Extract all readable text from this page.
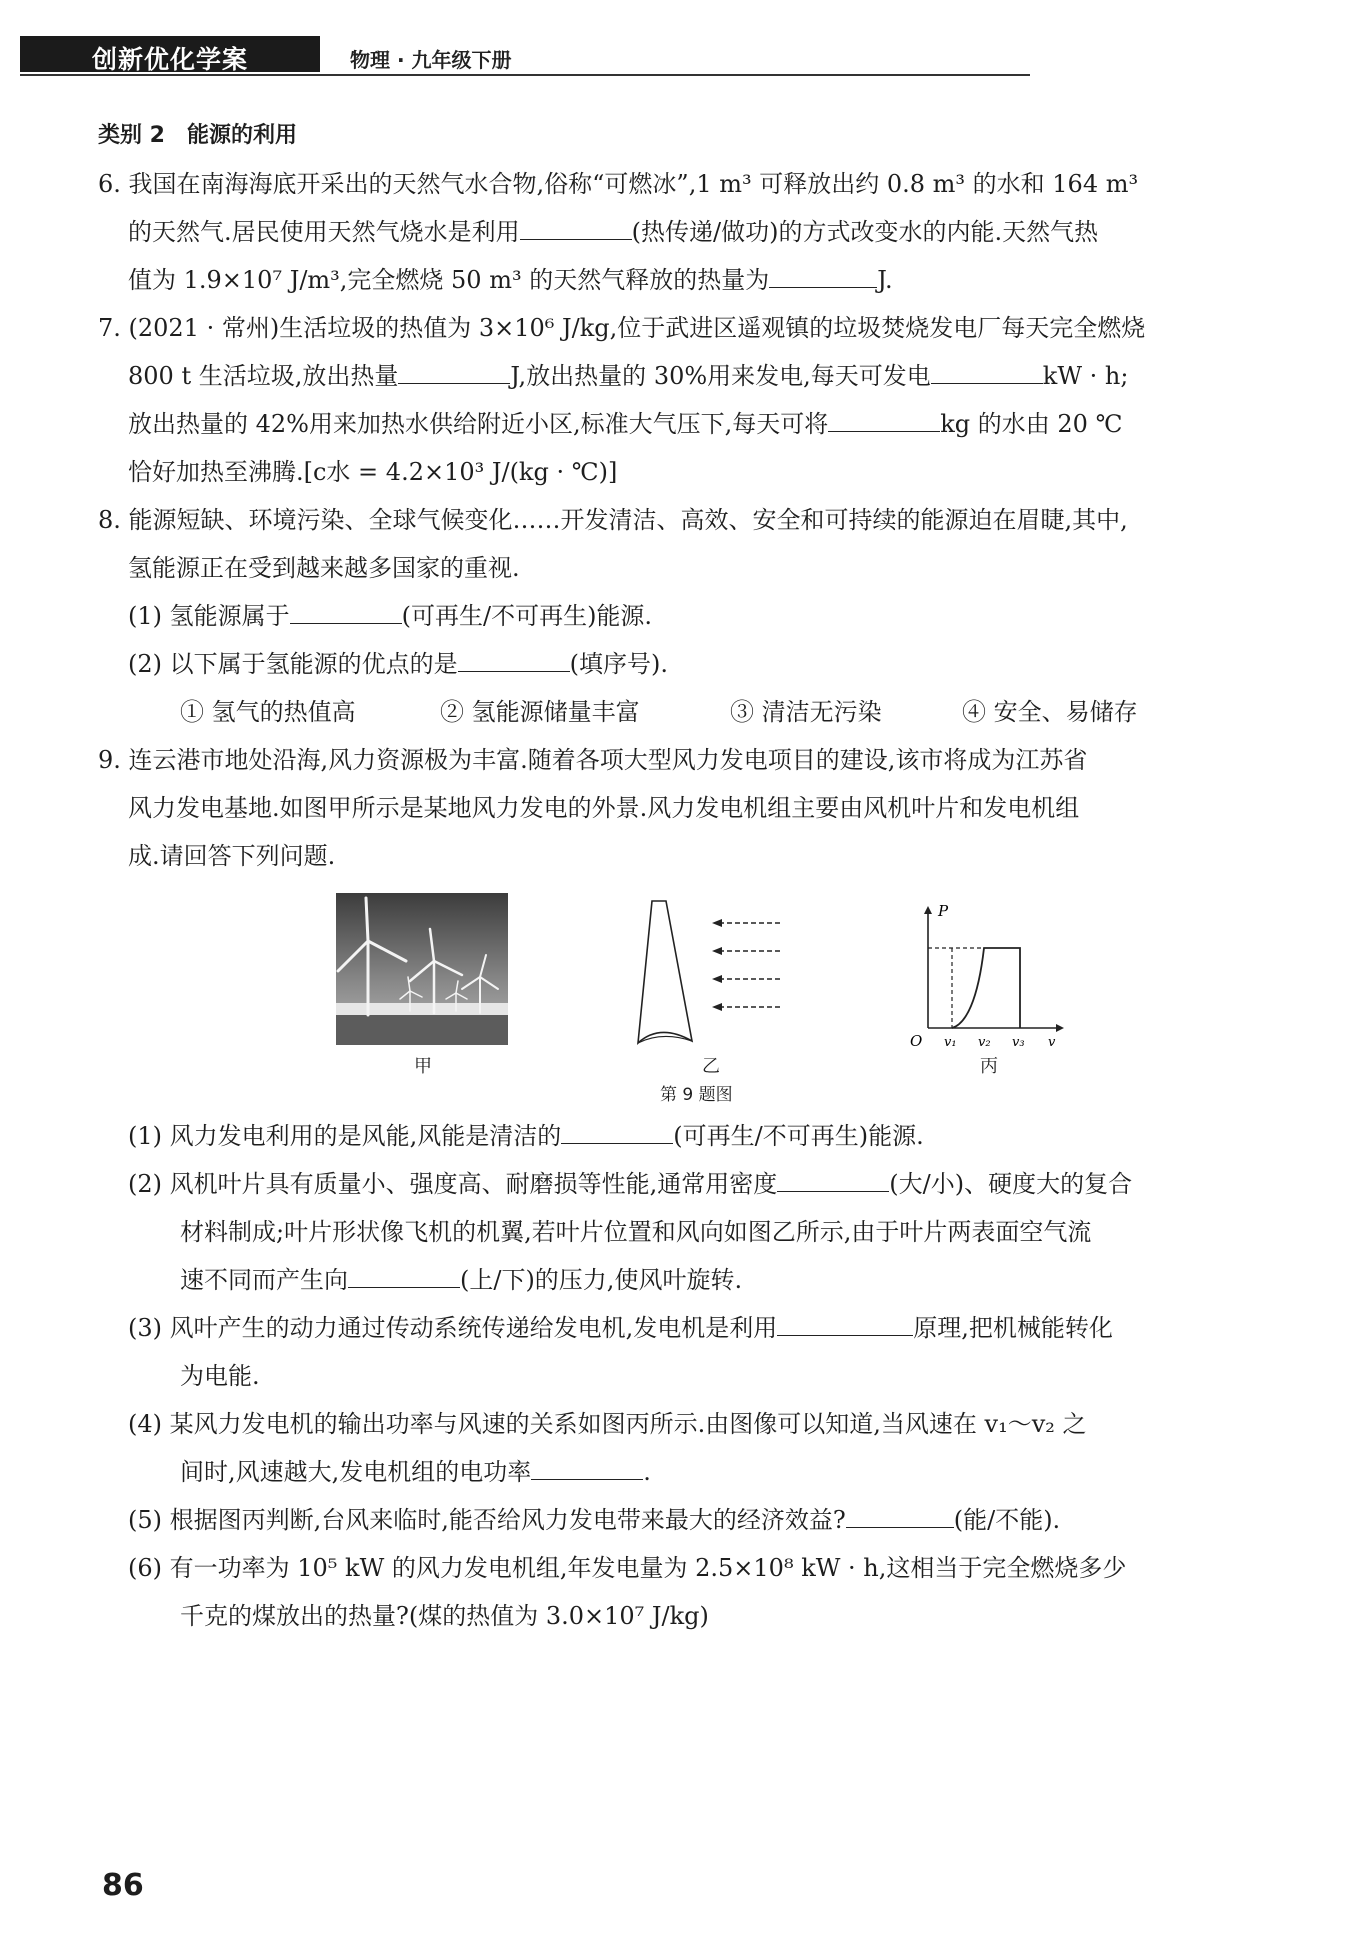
创新优化学案	物理 · 九年级下册
类别 2　能源的利用
6. 我国在南海海底开采出的天然气水合物,俗称“可燃冰”,1 m³ 可释放出约 0.8 m³ 的水和 164 m³
的天然气.居民使用天然气烧水是利用	(热传递/做功)的方式改变水的内能.天然气热
值为 1.9×10⁷ J/m³,完全燃烧 50 m³ 的天然气释放的热量为	J.
7. (2021 · 常州)生活垃圾的热值为 3×10⁶ J/kg,位于武进区遥观镇的垃圾焚烧发电厂每天完全燃烧
800 t 生活垃圾,放出热量	J,放出热量的 30%用来发电,每天可发电	kW · h;
放出热量的 42%用来加热水供给附近小区,标准大气压下,每天可将	kg 的水由 20 ℃
恰好加热至沸腾.[c水 = 4.2×10³ J/(kg · ℃)]
8. 能源短缺、环境污染、全球气候变化……开发清洁、高效、安全和可持续的能源迫在眉睫,其中,
氢能源正在受到越来越多国家的重视.
(1) 氢能源属于	(可再生/不可再生)能源.
(2) 以下属于氢能源的优点的是	(填序号).
① 氢气的热值高	② 氢能源储量丰富	③ 清洁无污染	④ 安全、易储存
9. 连云港市地处沿海,风力资源极为丰富.随着各项大型风力发电项目的建设,该市将成为江苏省
风力发电基地.如图甲所示是某地风力发电的外景.风力发电机组主要由风机叶片和发电机组
成.请回答下列问题.
甲	乙
P
O v₁ v₂ v₃ v
丙
第 9 题图
(1) 风力发电利用的是风能,风能是清洁的	(可再生/不可再生)能源.
(2) 风机叶片具有质量小、强度高、耐磨损等性能,通常用密度	(大/小)、硬度大的复合
材料制成;叶片形状像飞机的机翼,若叶片位置和风向如图乙所示,由于叶片两表面空气流
速不同而产生向	(上/下)的压力,使风叶旋转.
(3) 风叶产生的动力通过传动系统传递给发电机,发电机是利用	原理,把机械能转化
为电能.
(4) 某风力发电机的输出功率与风速的关系如图丙所示.由图像可以知道,当风速在 v₁～v₂ 之
间时,风速越大,发电机组的电功率	.
(5) 根据图丙判断,台风来临时,能否给风力发电带来最大的经济效益?	(能/不能).
(6) 有一功率为 10⁵ kW 的风力发电机组,年发电量为 2.5×10⁸ kW · h,这相当于完全燃烧多少
千克的煤放出的热量?(煤的热值为 3.0×10⁷ J/kg)
86
